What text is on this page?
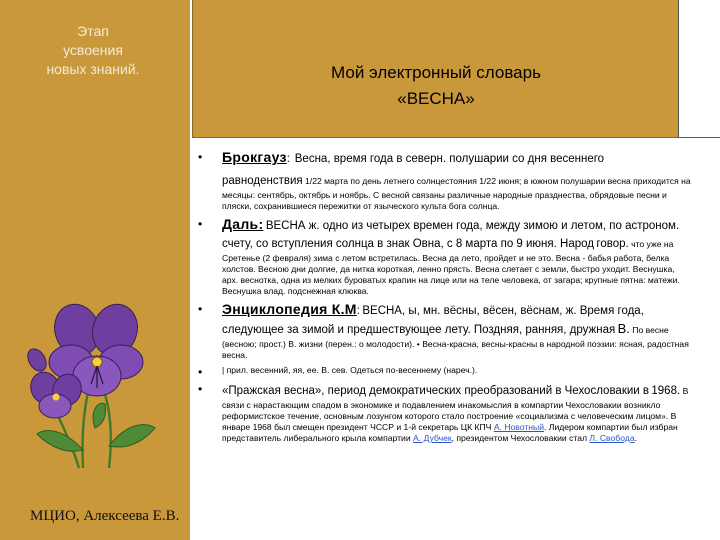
Этап
усвоения
новых знаний.	Мой электронный словарь
«ВЕСНА»
• Брокгауз: Весна, время года в северн. полушарии со дня весеннего

равноденствия 1/22 марта по день летнего солнцестояния 1/22 июня; в южном полушарии весна приходится на месяцы: сентябрь, октябрь и ноябрь. С весной связаны различные народные празднества, обрядовые песни и пляски, сохранившиеся пережитки от языческого культа бога солнца.

• Даль: ВЕСНА ж. одно из четырех времен года, между зимою и летом, по астроном. счету, со вступления солнца в знак Овна, с 8 марта по 9 июня. Народ говор. что уже на Сретенье (2 февраля) зима с летом встретилась. Весна да лето, пройдет и не это. Весна - бабья работа, белка холстов. Весною дни долгие, да нитка короткая, ленно прясть. Весна слетает с земли, быстро уходит. Веснушка, арх. веснотка, одна из мелких буроватых крапин на лице или на теле человека, от загара; крупные пятна: матежи. Веснушка влад. подснежная клюква.

• Энциклопедия К.М: ВЕСНА, ы, мн. вёсны, вёсен, вёснам, ж. Время года, следующее за зимой и предшествующее лету. Поздняя, ранняя, дружная В. По весне (весною; прост.) В. жизни (перен.: о молодости). • Весна-красна, весны-красны в народной поэзии: ясная, радостная весна.

• | прил. весенний, яя, ее. В. сев. Одеться по-весеннему (нареч.).

• «Пражская весна», период демократических преобразований в Чехословакии в 1968. В связи с нарастающим спадом в экономике и подавлением инакомыслия в компартии Чехословакии возникло реформистское течение, основным лозунгом которого стало построение «социализма с человеческим лицом». В январе 1968 был смещен президент ЧССР и 1-й секретарь ЦК КПЧ А. Новотный. Лидером компартии был избран представитель либерального крыла компартии А. Дубчек, президентом Чехословакии стал Л. Свобода.

МЦИО, Алексеева Е.В.
